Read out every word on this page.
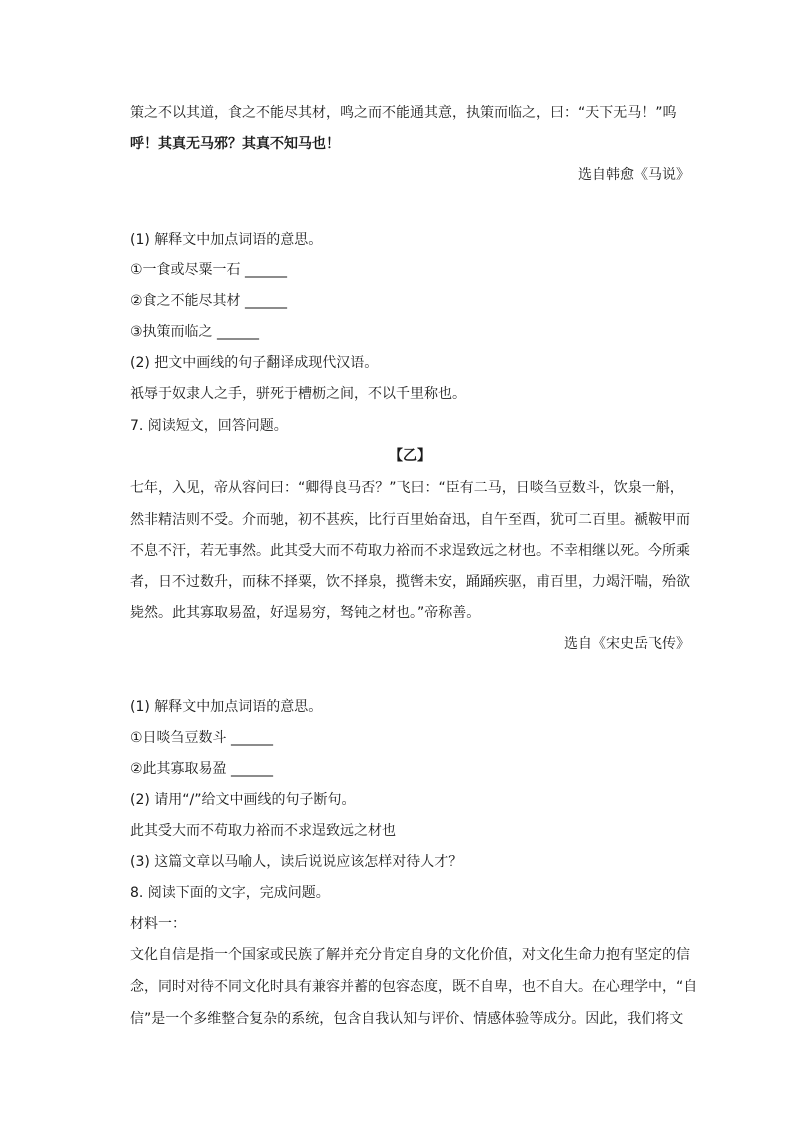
策之不以其道，食之不能尽其材，鸣之而不能通其意，执策而临之，曰：“天下无马！”呜
呼！其真无马邪？其真不知马也！
选自韩愈《马说》
(1) 解释文中加点词语的意思。
①一食或尽粟一石 ______
②食之不能尽其材 ______
③执策而临之 ______
(2) 把文中画线的句子翻译成现代汉语。
祇辱于奴隶人之手，骈死于槽枥之间，不以千里称也。
7. 阅读短文，回答问题。
【乙】
七年，入见，帝从容问曰：“卿得良马否？”飞曰：“臣有二马，日啖刍豆数斗，饮泉一斛，
然非精洁则不受。介而驰，初不甚疾，比行百里始奋迅，自午至酉，犹可二百里。褫鞍甲而
不息不汗，若无事然。此其受大而不苟取力裕而不求逞致远之材也。不幸相继以死。今所乘
者，日不过数升，而秣不择粟，饮不择泉，揽辔未安，踊踊疾驱，甫百里，力竭汗喘，殆欲
毙然。此其寡取易盈，好逞易穷，驽钝之材也。”帝称善。
选自《宋史岳飞传》
(1) 解释文中加点词语的意思。
①日啖刍豆数斗 ______
②此其寡取易盈 ______
(2) 请用“/”给文中画线的句子断句。
此其受大而不苟取力裕而不求逞致远之材也
(3) 这篇文章以马喻人，读后说说应该怎样对待人才？
8. 阅读下面的文字，完成问题。
材料一：
文化自信是指一个国家或民族了解并充分肯定自身的文化价值，对文化生命力抱有坚定的信
念，同时对待不同文化时具有兼容并蓄的包容态度，既不自卑，也不自大。在心理学中，“自
信”是一个多维整合复杂的系统，包含自我认知与评价、情感体验等成分。因此，我们将文
